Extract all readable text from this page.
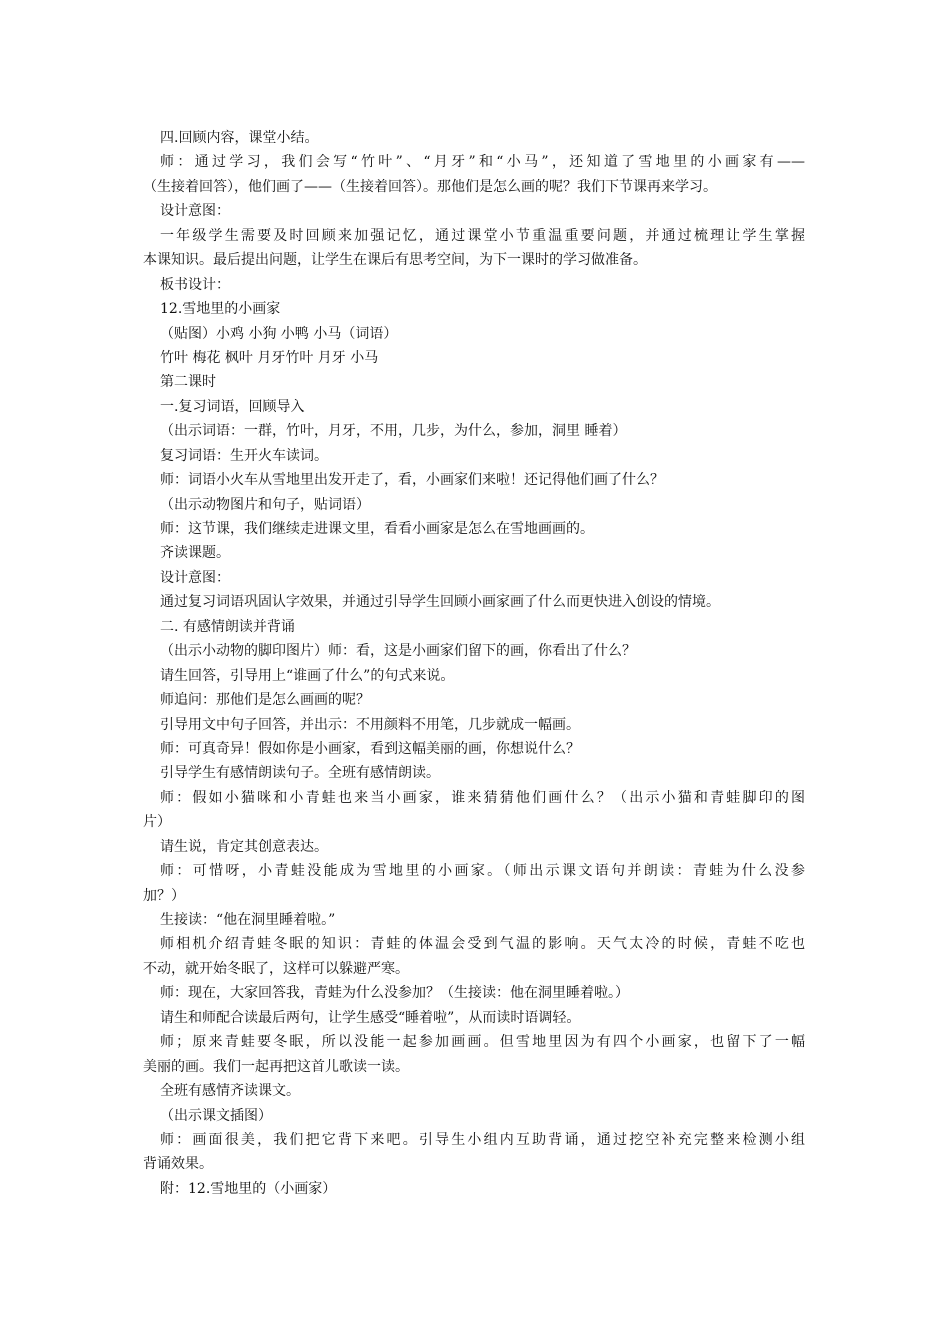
四.回顾内容，课堂小结。
师：通过学习，我们会写“竹叶”、“月牙”和“小马”，还知道了雪地里的小画家有——
（生接着回答），他们画了——（生接着回答）。那他们是怎么画的呢？我们下节课再来学习。
设计意图：
一年级学生需要及时回顾来加强记忆，通过课堂小节重温重要问题，并通过梳理让学生掌握
本课知识。最后提出问题，让学生在课后有思考空间，为下一课时的学习做准备。
板书设计：
12.雪地里的小画家
（贴图）小鸡 小狗 小鸭 小马（词语）
竹叶 梅花 枫叶 月牙竹叶 月牙 小马
第二课时
一.复习词语，回顾导入
（出示词语：一群，竹叶，月牙，不用，几步，为什么，参加，洞里 睡着）
复习词语：生开火车读词。
师：词语小火车从雪地里出发开走了，看，小画家们来啦！还记得他们画了什么？
（出示动物图片和句子，贴词语）
师：这节课，我们继续走进课文里，看看小画家是怎么在雪地画画的。
齐读课题。
设计意图：
通过复习词语巩固认字效果，并通过引导学生回顾小画家画了什么而更快进入创设的情境。
二. 有感情朗读并背诵
（出示小动物的脚印图片）师：看，这是小画家们留下的画，你看出了什么？
请生回答，引导用上“谁画了什么”的句式来说。
师追问：那他们是怎么画画的呢？
引导用文中句子回答，并出示：不用颜料不用笔，几步就成一幅画。
师：可真奇异！假如你是小画家，看到这幅美丽的画，你想说什么？
引导学生有感情朗读句子。全班有感情朗读。
师：假如小猫咪和小青蛙也来当小画家，谁来猜猜他们画什么？（出示小猫和青蛙脚印的图
片）
请生说，肯定其创意表达。
师：可惜呀，小青蛙没能成为雪地里的小画家。（师出示课文语句并朗读：青蛙为什么没参
加？）
生接读：“他在洞里睡着啦。”
师相机介绍青蛙冬眠的知识：青蛙的体温会受到气温的影响。天气太冷的时候，青蛙不吃也
不动，就开始冬眠了，这样可以躲避严寒。
师：现在，大家回答我，青蛙为什么没参加？（生接读：他在洞里睡着啦。）
请生和师配合读最后两句，让学生感受“睡着啦”，从而读时语调轻。
师；原来青蛙要冬眠，所以没能一起参加画画。但雪地里因为有四个小画家，也留下了一幅
美丽的画。我们一起再把这首儿歌读一读。
全班有感情齐读课文。
（出示课文插图）
师：画面很美，我们把它背下来吧。引导生小组内互助背诵，通过挖空补充完整来检测小组
背诵效果。
附：12.雪地里的（小画家）
